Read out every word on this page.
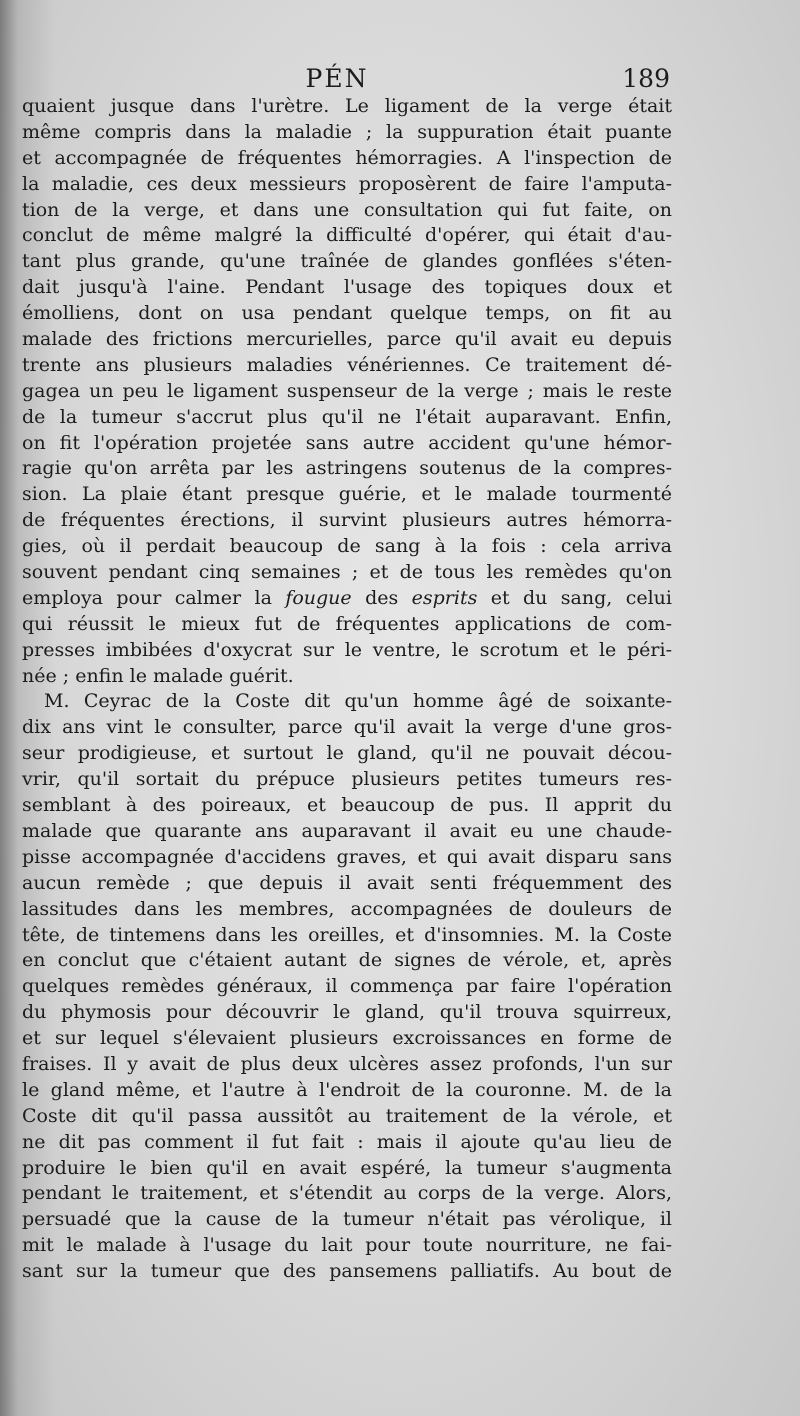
PÉN	189
quaient jusque dans l'urètre. Le ligament de la verge était
même compris dans la maladie ; la suppuration était puante
et accompagnée de fréquentes hémorragies. A l'inspection de
la maladie, ces deux messieurs proposèrent de faire l'amputa-
tion de la verge, et dans une consultation qui fut faite, on
conclut de même malgré la difficulté d'opérer, qui était d'au-
tant plus grande, qu'une traînée de glandes gonflées s'éten-
dait jusqu'à l'aine. Pendant l'usage des topiques doux et
émolliens, dont on usa pendant quelque temps, on fit au
malade des frictions mercurielles, parce qu'il avait eu depuis
trente ans plusieurs maladies vénériennes. Ce traitement dé-
gagea un peu le ligament suspenseur de la verge ; mais le reste
de la tumeur s'accrut plus qu'il ne l'était auparavant. Enfin,
on fit l'opération projetée sans autre accident qu'une hémor-
ragie qu'on arrêta par les astringens soutenus de la compres-
sion. La plaie étant presque guérie, et le malade tourmenté
de fréquentes érections, il survint plusieurs autres hémorra-
gies, où il perdait beaucoup de sang à la fois : cela arriva
souvent pendant cinq semaines ; et de tous les remèdes qu'on
employa pour calmer la fougue des esprits et du sang, celui
qui réussit le mieux fut de fréquentes applications de com-
presses imbibées d'oxycrat sur le ventre, le scrotum et le péri-
née ; enfin le malade guérit.
M. Ceyrac de la Coste dit qu'un homme âgé de soixante-
dix ans vint le consulter, parce qu'il avait la verge d'une gros-
seur prodigieuse, et surtout le gland, qu'il ne pouvait décou-
vrir, qu'il sortait du prépuce plusieurs petites tumeurs res-
semblant à des poireaux, et beaucoup de pus. Il apprit du
malade que quarante ans auparavant il avait eu une chaude-
pisse accompagnée d'accidens graves, et qui avait disparu sans
aucun remède ; que depuis il avait senti fréquemment des
lassitudes dans les membres, accompagnées de douleurs de
tête, de tintemens dans les oreilles, et d'insomnies. M. la Coste
en conclut que c'étaient autant de signes de vérole, et, après
quelques remèdes généraux, il commença par faire l'opération
du phymosis pour découvrir le gland, qu'il trouva squirreux,
et sur lequel s'élevaient plusieurs excroissances en forme de
fraises. Il y avait de plus deux ulcères assez profonds, l'un sur
le gland même, et l'autre à l'endroit de la couronne. M. de la
Coste dit qu'il passa aussitôt au traitement de la vérole, et
ne dit pas comment il fut fait : mais il ajoute qu'au lieu de
produire le bien qu'il en avait espéré, la tumeur s'augmenta
pendant le traitement, et s'étendit au corps de la verge. Alors,
persuadé que la cause de la tumeur n'était pas vérolique, il
mit le malade à l'usage du lait pour toute nourriture, ne fai-
sant sur la tumeur que des pansemens palliatifs. Au bout de
